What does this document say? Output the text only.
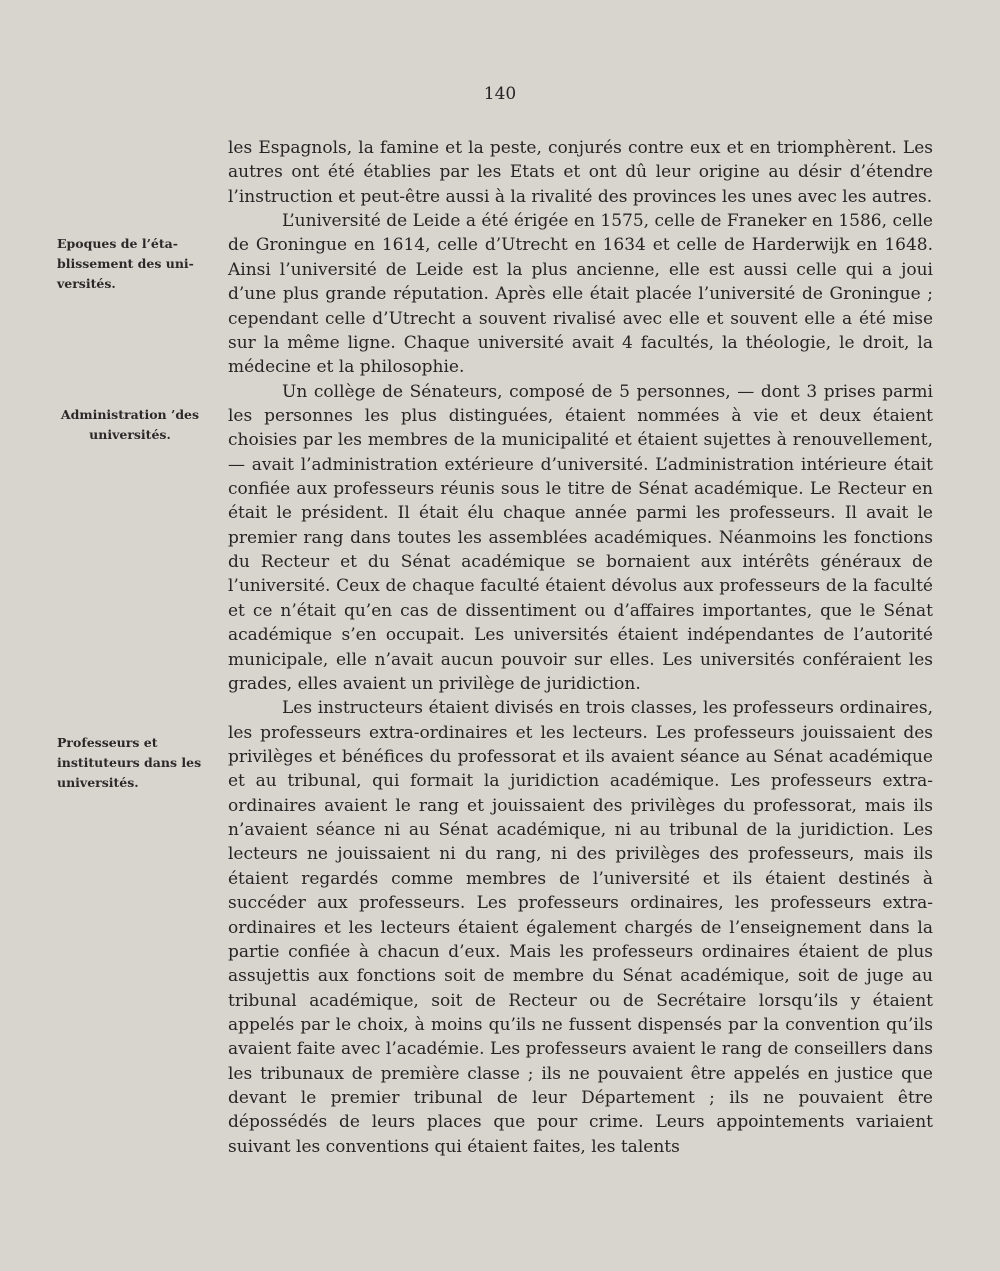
140
Epoques de l’éta-blissement des uni-versités.
Administration ’des universités.
Professeurs et instituteurs dans les universités.

les Espagnols, la famine et la peste, conjurés contre eux et en triomphèrent. Les autres ont été établies par les Etats et ont dû leur origine au désir d’étendre l’instruction et peut-être aussi à la rivalité des provinces les unes avec les autres.

L’université de Leide a été érigée en 1575, celle de Franeker en 1586, celle de Groningue en 1614, celle d’Utrecht en 1634 et celle de Harderwijk en 1648. Ainsi l’université de Leide est la plus ancienne, elle est aussi celle qui a joui d’une plus grande réputation. Après elle était placée l’université de Groningue ; cependant celle d’Utrecht a souvent rivalisé avec elle et souvent elle a été mise sur la même ligne. Chaque université avait 4 facultés, la théologie, le droit, la médecine et la philosophie.

Un collège de Sénateurs, composé de 5 personnes, — dont 3 prises parmi les personnes les plus distinguées, étaient nommées à vie et deux étaient choisies par les membres de la municipalité et étaient sujettes à renouvellement, — avait l’administration extérieure d’université. L’administration intérieure était confiée aux professeurs réunis sous le titre de Sénat académique. Le Recteur en était le président. Il était élu chaque année parmi les professeurs. Il avait le premier rang dans toutes les assemblées académiques. Néanmoins les fonctions du Recteur et du Sénat académique se bornaient aux intérêts généraux de l’université. Ceux de chaque faculté étaient dévolus aux professeurs de la faculté et ce n’était qu’en cas de dissentiment ou d’affaires importantes, que le Sénat académique s’en occupait. Les universités étaient indépendantes de l’autorité municipale, elle n’avait aucun pouvoir sur elles. Les universités conféraient les grades, elles avaient un privilège de juridiction.

Les instructeurs étaient divisés en trois classes, les professeurs ordinaires, les professeurs extra-ordinaires et les lecteurs. Les professeurs jouissaient des privilèges et bénéfices du professorat et ils avaient séance au Sénat académique et au tribunal, qui formait la juridiction académique. Les professeurs extra-ordinaires avaient le rang et jouissaient des privilèges du professorat, mais ils n’avaient séance ni au Sénat académique, ni au tribunal de la juridiction. Les lecteurs ne jouissaient ni du rang, ni des privilèges des professeurs, mais ils étaient regardés comme membres de l’université et ils étaient destinés à succéder aux professeurs. Les professeurs ordinaires, les professeurs extra-ordinaires et les lecteurs étaient également chargés de l’enseignement dans la partie confiée à chacun d’eux. Mais les professeurs ordinaires étaient de plus assujettis aux fonctions soit de membre du Sénat académique, soit de juge au tribunal académique, soit de Recteur ou de Secrétaire lorsqu’ils y étaient appelés par le choix, à moins qu’ils ne fussent dispensés par la convention qu’ils avaient faite avec l’académie. Les professeurs avaient le rang de conseillers dans les tribunaux de première classe ; ils ne pouvaient être appelés en justice que devant le premier tribunal de leur Département ; ils ne pouvaient être dépossédés de leurs places que pour crime. Leurs appointements variaient suivant les conventions qui étaient faites, les talents
